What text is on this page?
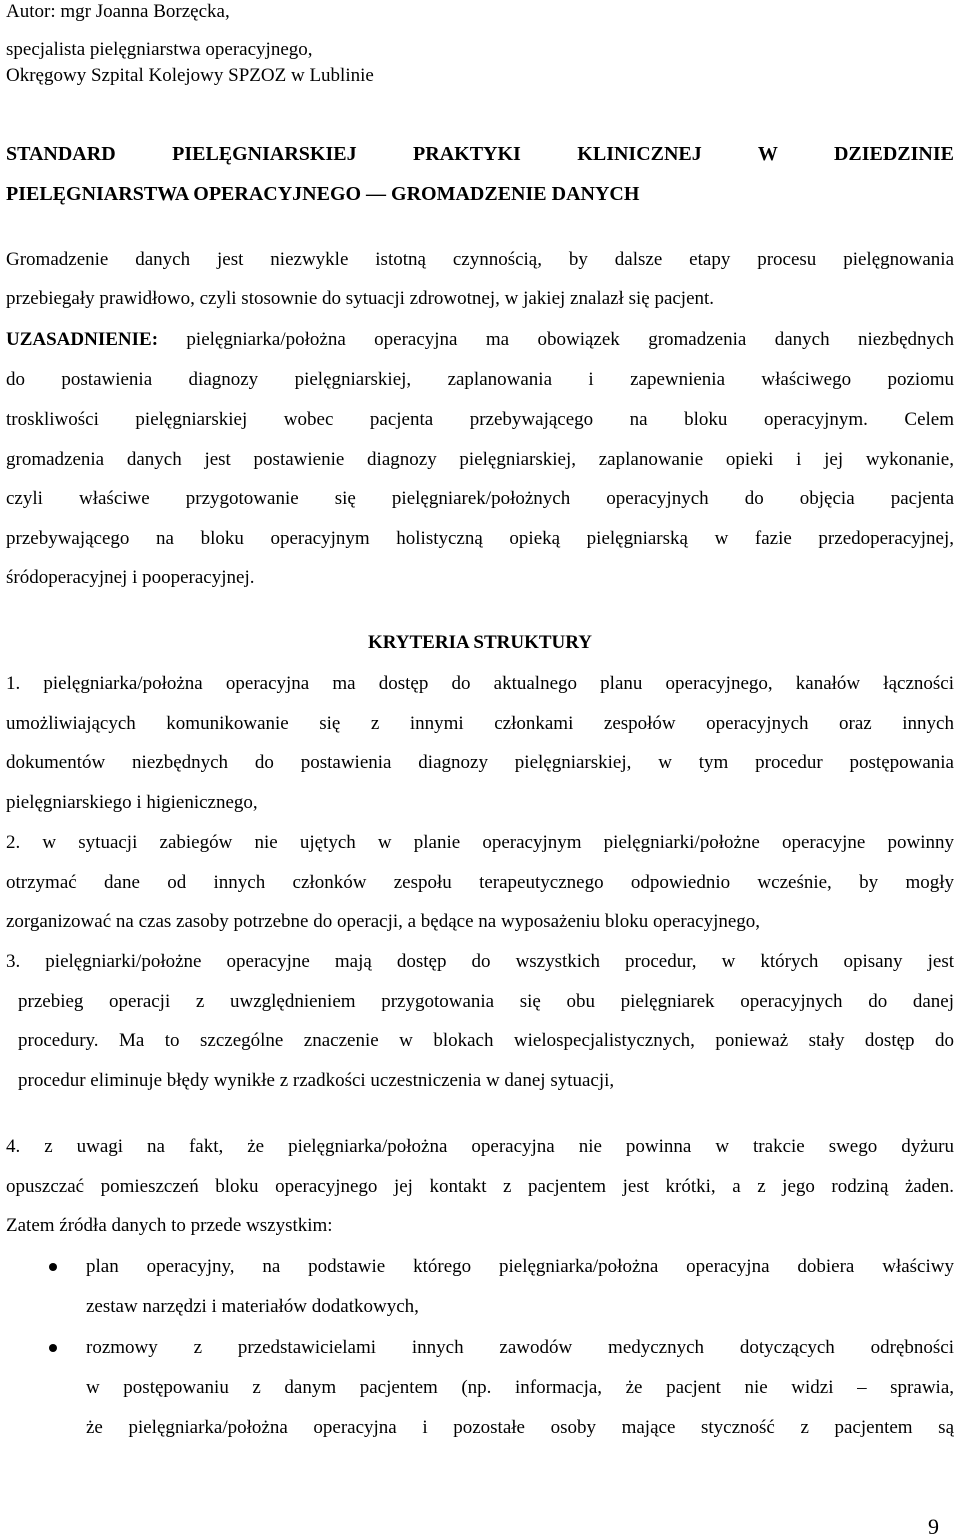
Autor: mgr Joanna Borzęcka,
specjalista pielęgniarstwa operacyjnego,
Okręgowy Szpital Kolejowy SPZOZ w Lublinie
STANDARD PIELĘGNIARSKIEJ PRAKTYKI KLINICZNEJ W DZIEDZINIE
PIELĘGNIARSTWA OPERACYJNEGO — GROMADZENIE DANYCH
Gromadzenie danych jest niezwykle istotną czynnością, by dalsze etapy procesu pielęgnowania
przebiegały prawidłowo, czyli stosownie do sytuacji zdrowotnej, w jakiej znalazł się pacjent.
UZASADNIENIE: pielęgniarka/położna operacyjna ma obowiązek gromadzenia danych niezbędnych
do postawienia diagnozy pielęgniarskiej, zaplanowania i zapewnienia właściwego poziomu
troskliwości pielęgniarskiej wobec pacjenta przebywającego na bloku operacyjnym. Celem
gromadzenia danych jest postawienie diagnozy pielęgniarskiej, zaplanowanie opieki i jej wykonanie,
czyli właściwe przygotowanie się pielęgniarek/położnych operacyjnych do objęcia pacjenta
przebywającego na bloku operacyjnym holistyczną opieką pielęgniarską w fazie przedoperacyjnej,
śródoperacyjnej i pooperacyjnej.
KRYTERIA STRUKTURY
1. pielęgniarka/położna operacyjna ma dostęp do aktualnego planu operacyjnego, kanałów łączności
umożliwiających komunikowanie się z innymi członkami zespołów operacyjnych oraz innych
dokumentów niezbędnych do postawienia diagnozy pielęgniarskiej, w tym procedur postępowania
pielęgniarskiego i higienicznego,
2. w sytuacji zabiegów nie ujętych w planie operacyjnym pielęgniarki/położne operacyjne powinny
otrzymać dane od innych członków zespołu terapeutycznego odpowiednio wcześnie, by mogły
zorganizować na czas zasoby potrzebne do operacji, a będące na wyposażeniu bloku operacyjnego,
3. pielęgniarki/położne operacyjne mają dostęp do wszystkich procedur, w których opisany jest
przebieg operacji z uwzględnieniem przygotowania się obu pielęgniarek operacyjnych do danej
procedury. Ma to szczególne znaczenie w blokach wielospecjalistycznych, ponieważ stały dostęp do
procedur eliminuje błędy wynikłe z rzadkości uczestniczenia w danej sytuacji,
4. z uwagi na fakt, że pielęgniarka/położna operacyjna nie powinna w trakcie swego dyżuru
opuszczać pomieszczeń bloku operacyjnego jej kontakt z pacjentem jest krótki, a z jego rodziną żaden.
Zatem źródła danych to przede wszystkim:
plan operacyjny, na podstawie którego pielęgniarka/położna operacyjna dobiera właściwy
zestaw narzędzi i materiałów dodatkowych,
rozmowy z przedstawicielami innych zawodów medycznych dotyczących odrębności
w postępowaniu z danym pacjentem (np. informacja, że pacjent nie widzi – sprawia,
że pielęgniarka/położna operacyjna i pozostałe osoby mające styczność z pacjentem są
9
